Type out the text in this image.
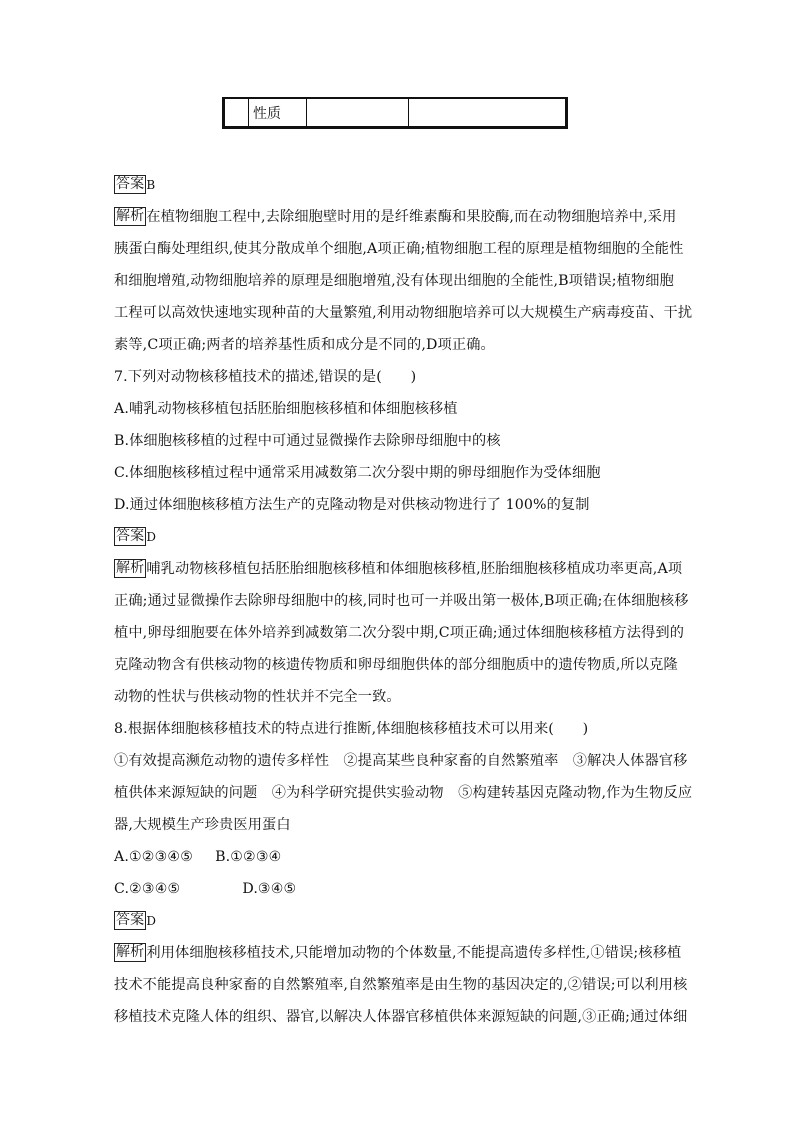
性质
答案 B
解析 在植物细胞工程中,去除细胞壁时用的是纤维素酶和果胶酶,而在动物细胞培养中,采用
胰蛋白酶处理组织,使其分散成单个细胞,A项正确;植物细胞工程的原理是植物细胞的全能性
和细胞增殖,动物细胞培养的原理是细胞增殖,没有体现出细胞的全能性,B项错误;植物细胞
工程可以高效快速地实现种苗的大量繁殖,利用动物细胞培养可以大规模生产病毒疫苗、干扰
素等,C项正确;两者的培养基性质和成分是不同的,D项正确。
7.下列对动物核移植技术的描述,错误的是(　　)
A.哺乳动物核移植包括胚胎细胞核移植和体细胞核移植
B.体细胞核移植的过程中可通过显微操作去除卵母细胞中的核
C.体细胞核移植过程中通常采用减数第二次分裂中期的卵母细胞作为受体细胞
D.通过体细胞核移植方法生产的克隆动物是对供核动物进行了 100%的复制
答案 D
解析 哺乳动物核移植包括胚胎细胞核移植和体细胞核移植,胚胎细胞核移植成功率更高,A项
正确;通过显微操作去除卵母细胞中的核,同时也可一并吸出第一极体,B项正确;在体细胞核移
植中,卵母细胞要在体外培养到减数第二次分裂中期,C项正确;通过体细胞核移植方法得到的
克隆动物含有供核动物的核遗传物质和卵母细胞供体的部分细胞质中的遗传物质,所以克隆
动物的性状与供核动物的性状并不完全一致。
8.根据体细胞核移植技术的特点进行推断,体细胞核移植技术可以用来(　　)
①有效提高濒危动物的遗传多样性　②提高某些良种家畜的自然繁殖率　③解决人体器官移
植供体来源短缺的问题　④为科学研究提供实验动物　⑤构建转基因克隆动物,作为生物反应
器,大规模生产珍贵医用蛋白
A.①②③④⑤ B.①②③④
C.②③④⑤	D.③④⑤
答案 D
解析 利用体细胞核移植技术,只能增加动物的个体数量,不能提高遗传多样性,①错误;核移植
技术不能提高良种家畜的自然繁殖率,自然繁殖率是由生物的基因决定的,②错误;可以利用核
移植技术克隆人体的组织、器官,以解决人体器官移植供体来源短缺的问题,③正确;通过体细
